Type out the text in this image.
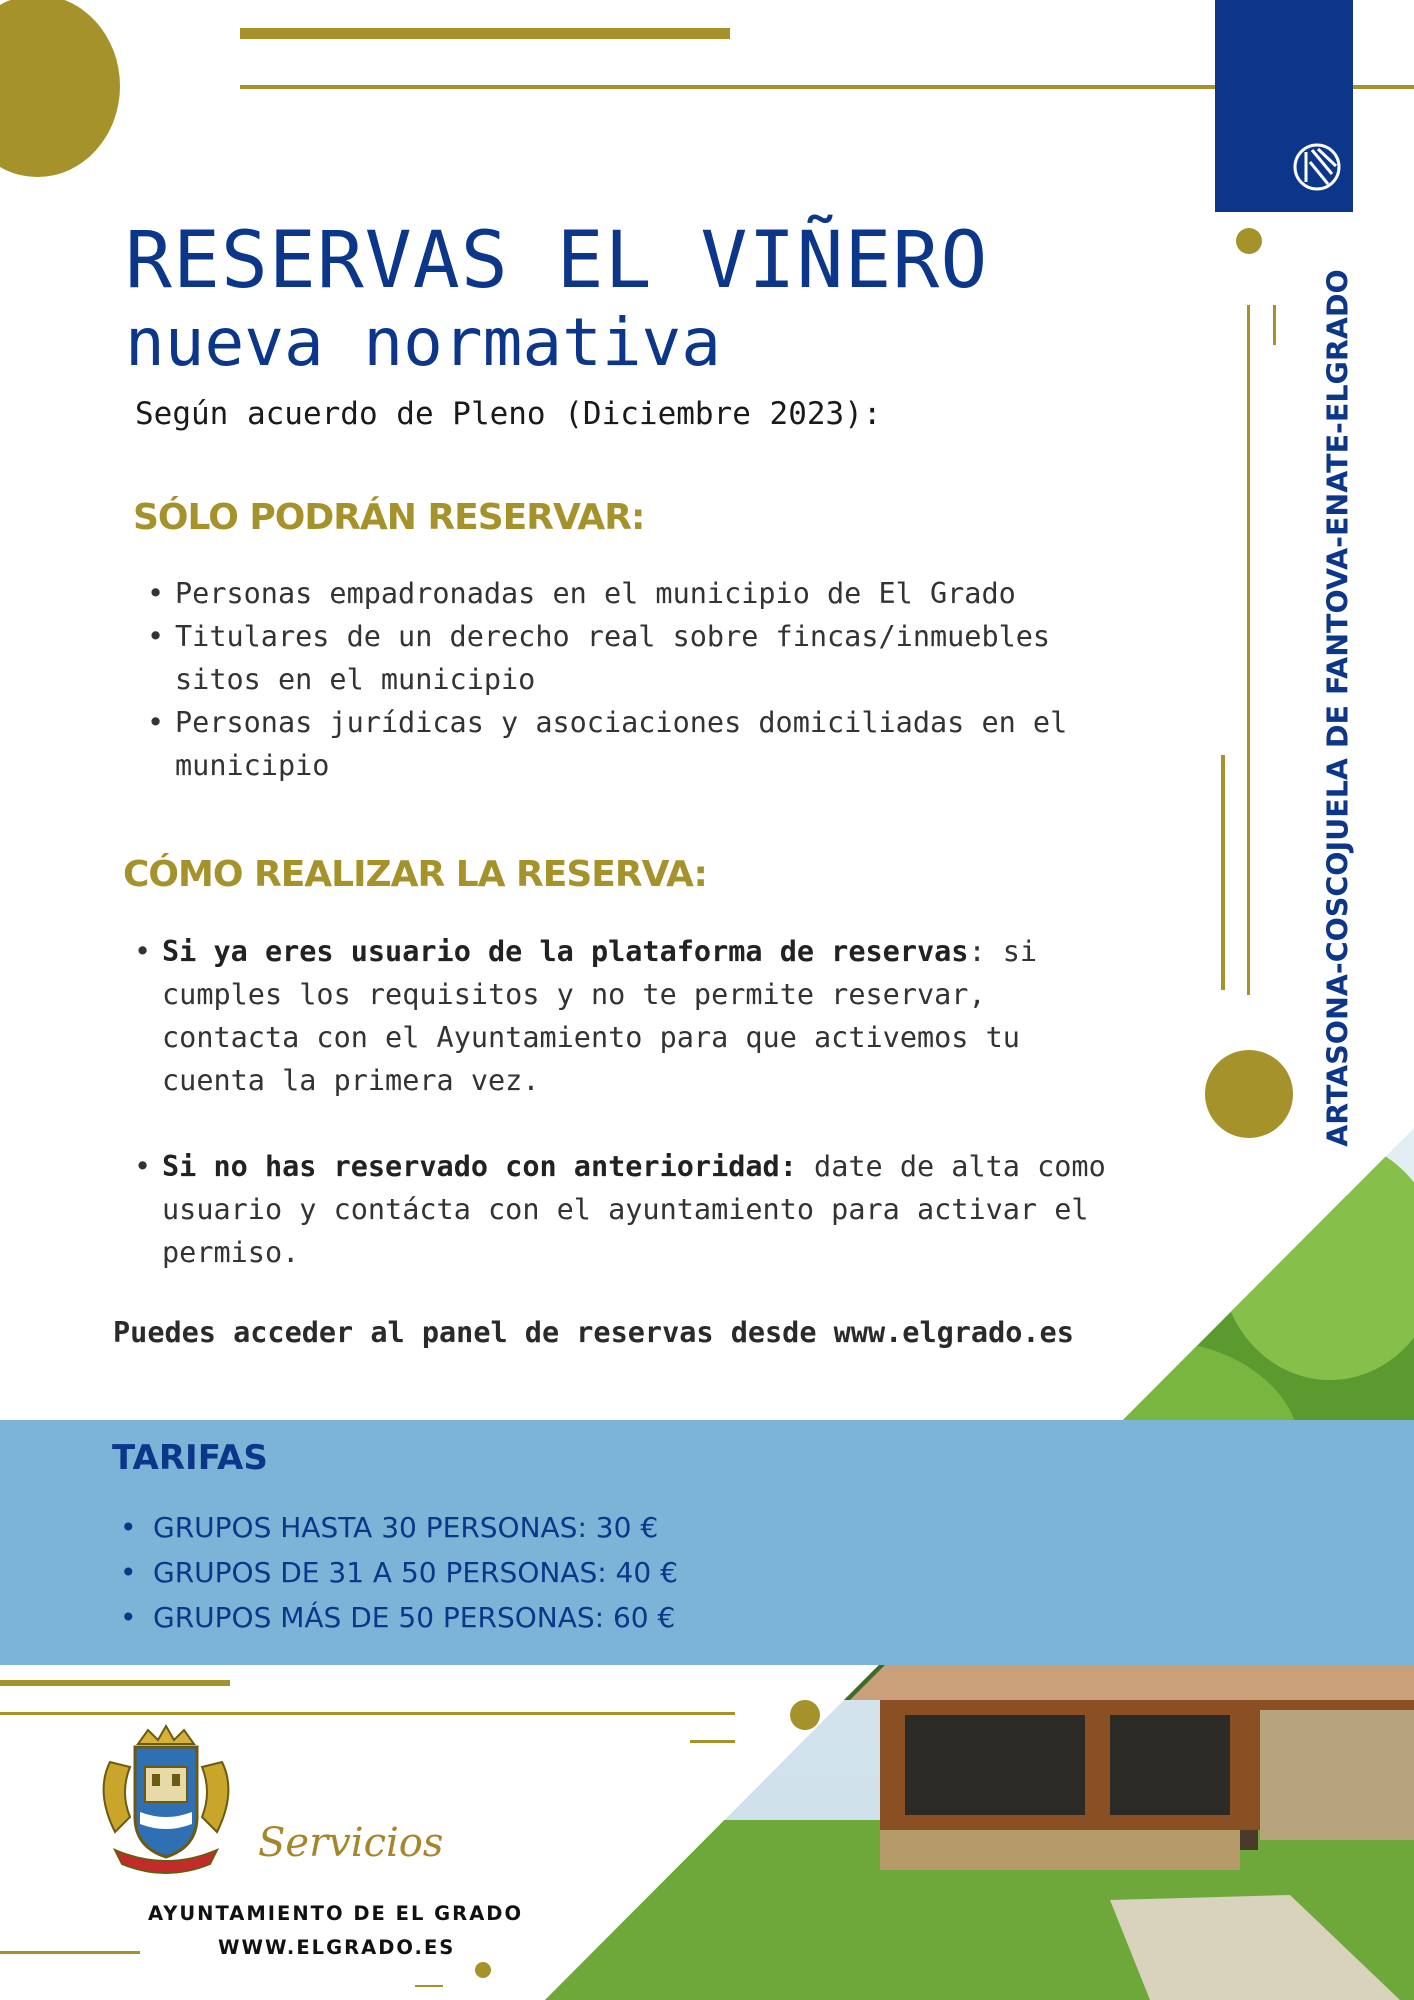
ARTASONA-COSCOJUELA DE FANTOVA-ENATE-ELGRADO
RESERVAS EL VIÑERO
nueva normativa
Según acuerdo de Pleno (Diciembre 2023):
SÓLO PODRÁN RESERVAR:
• Personas empadronadas en el municipio de El Grado
• Titulares de un derecho real sobre fincas/inmuebles sitos en el municipio
• Personas jurídicas y asociaciones domiciliadas en el municipio
CÓMO REALIZAR LA RESERVA:
• Si ya eres usuario de la plataforma de reservas: si cumples los requisitos y no te permite reservar, contacta con el Ayuntamiento para que activemos tu cuenta la primera vez.
• Si no has reservado con anterioridad: date de alta como usuario y contácta con el ayuntamiento para activar el permiso.
Puedes acceder al panel de reservas desde www.elgrado.es
TARIFAS
• GRUPOS HASTA 30 PERSONAS: 30 €
• GRUPOS DE 31 A 50 PERSONAS: 40 €
• GRUPOS MÁS DE 50 PERSONAS: 60 €
Servicios
AYUNTAMIENTO DE EL GRADO
WWW.ELGRADO.ES
